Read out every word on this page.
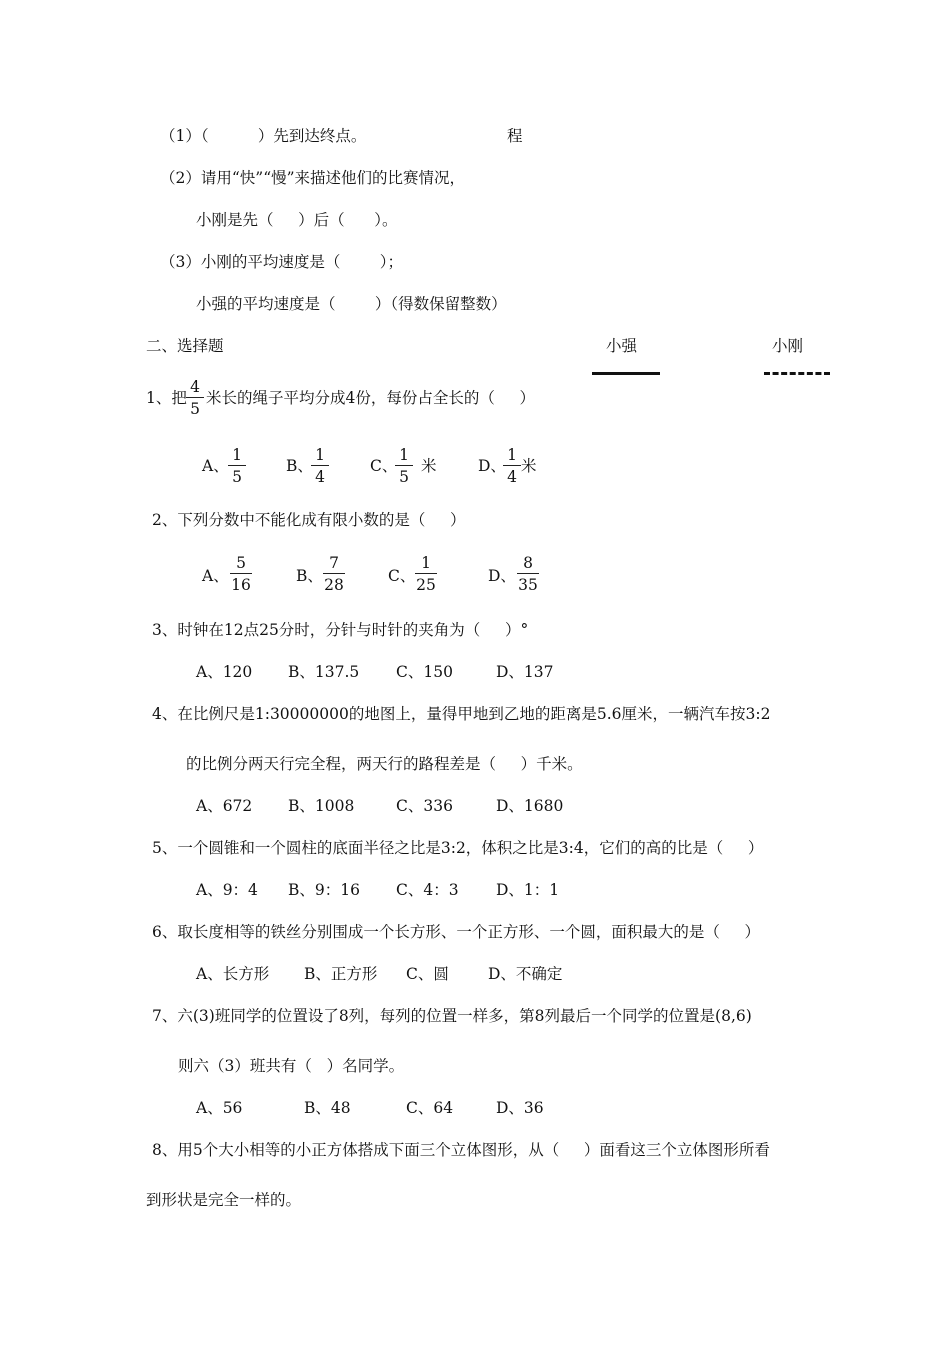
（1）（          ）先到达终点。	程
（2）请用“快”“慢”来描述他们的比赛情况，
小刚是先（     ）后（      ）。
（3）小刚的平均速度是（        ）；
小强的平均速度是（        ）（得数保留整数）
二、选择题	小强	小刚
1、把
4
5
米长的绳子平均分成4份，每份占全长的（     ）
A、
1
5
B、
1
4
C、
1
5
米	D、
1
4
米
2、下列分数中不能化成有限小数的是（     ）
A、
5
16	B、
7
28	C、
1
25	D、
8
35
3、时钟在12点25分时，分针与时针的夹角为（     ）°
A、120 B、137.5 C、150	D、137
4、在比例尺是1:30000000的地图上，量得甲地到乙地的距离是5.6厘米，一辆汽车按3:2
的比例分两天行完全程，两天行的路程差是（     ）千米。
A、672 B、1008	C、336	D、1680
5、一个圆锥和一个圆柱的底面半径之比是3:2，体积之比是3:4，它们的高的比是（     ）
A、9：4 B、9：16 C、4：3 D、1：1
6、取长度相等的铁丝分别围成一个长方形、一个正方形、一个圆，面积最大的是（     ）
A、长方形 B、正方形 C、圆	D、不确定
7、六(3)班同学的位置设了8列，每列的位置一样多，第8列最后一个同学的位置是(8,6)
则六（3）班共有（   ）名同学。
A、56	B、48	C、64	D、36
8、用5个大小相等的小正方体搭成下面三个立体图形，从（     ）面看这三个立体图形所看
到形状是完全一样的。
